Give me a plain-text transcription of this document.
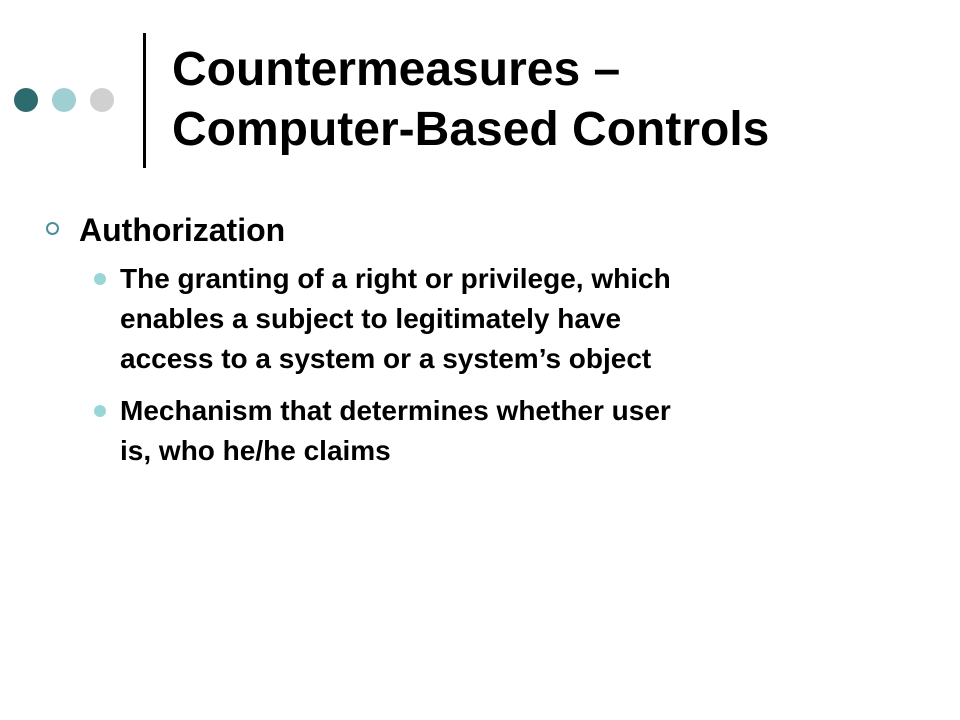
Countermeasures –
Computer-Based Controls
Authorization
The granting of a right or privilege, which
enables a subject to legitimately have
access to a system or a system’s object
Mechanism that determines whether user
is, who he/he claims
